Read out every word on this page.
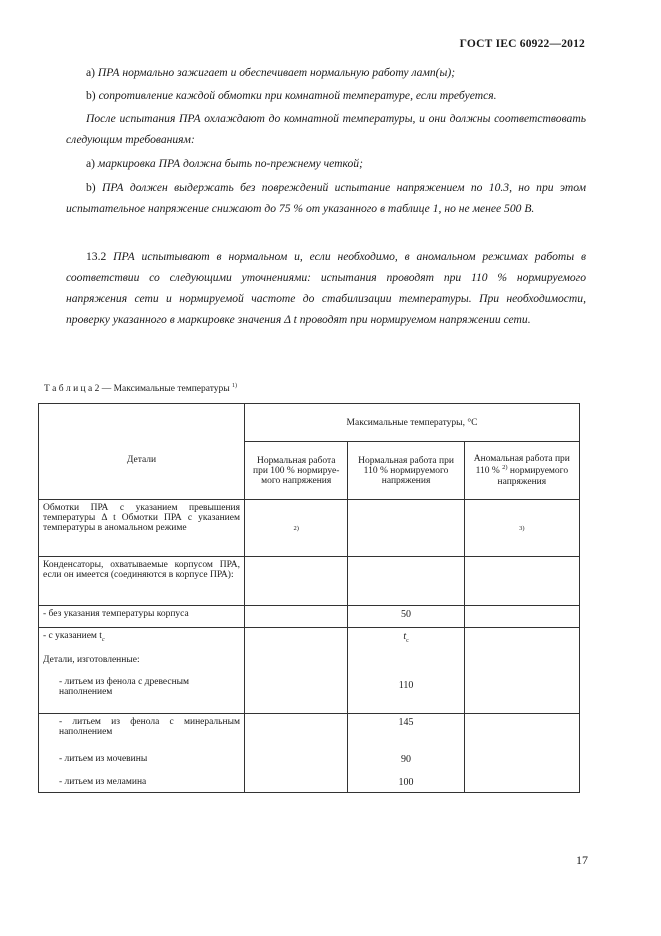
ГОСТ IEC 60922—2012
a) ПРА нормально зажигает и обеспечивает нормальную работу ламп(ы);
b) сопротивление каждой обмотки при комнатной температуре, если требуется.
После испытания ПРА охлаждают до комнатной температуры, и они должны соответствовать следующим требованиям:
a) маркировка ПРА должна быть по-прежнему четкой;
b) ПРА должен выдержать без повреждений испытание напряжением по 10.3, но при этом испытательное напряжение снижают до 75 % от указанного в таблице 1, но не менее 500 В.
13.2 ПРА испытывают в нормальном и, если необходимо, в аномальном режимах работы в соответствии со следующими уточнениями: испытания проводят при 110 % нормируемого напряжения сети и нормируемой частоте до стабилизации температуры. При необходимости, проверку указанного в маркировке значения Δ t проводят при нормируемом напряжении сети.
Т а б л и ц а 2 — Максимальные температуры $^{1)}$
Детали	Максимальные температуры, °С		
	Нормальная работа при 100 % нормируе-мого напряжения	Нормальная работа при 110 % нормируемого напряжения	Аномальная работа при 110 % $^{2)}$ нормируемого напряжения
Обмотки ПРА с указанием превышения температуры Δ t Обмотки ПРА с указанием температуры в аномальном режиме	2)		3)
Конденсаторы, охватываемые корпусом ПРА, если он имеется (соединяются в корпусе ПРА):			
- без указания температуры корпуса		50	
- с указанием $t_c$		$t_c$	
Детали, изготовленные:			
- литьем из фенола с древесным наполнением		110	
- литьем из фенола с минеральным наполнением		145	
- литьем из мочевины		90	
- литьем из меламина		100	
17
